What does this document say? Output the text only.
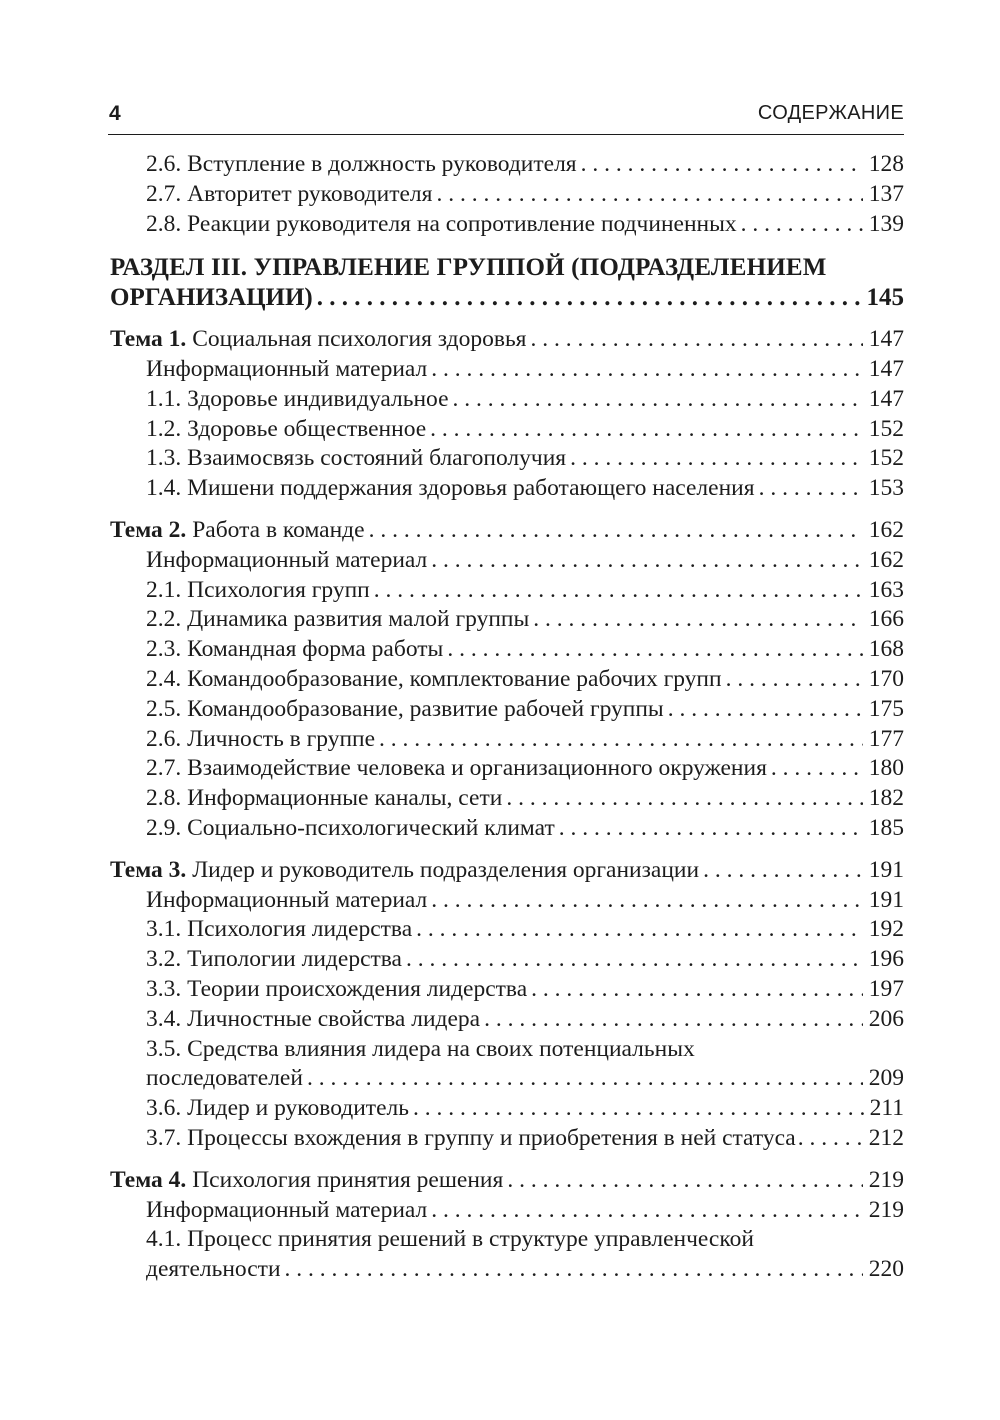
4	СОДЕРЖАНИЕ
2.6. Вступление в должность руководителя . . .	128
2.7. Авторитет руководителя . . .	137
2.8. Реакции руководителя на сопротивление подчиненных . . .	139
РАЗДЕЛ III. УПРАВЛЕНИЕ ГРУППОЙ (ПОДРАЗДЕЛЕНИЕМ
ОРГАНИЗАЦИИ) . . .	145
Тема 1. Социальная психология здоровья . . .	147
Информационный материал . . .	147
1.1. Здоровье индивидуальное . . .	147
1.2. Здоровье общественное . . .	152
1.3. Взаимосвязь состояний благополучия . . .	152
1.4. Мишени поддержания здоровья работающего населения . . .	153
Тема 2. Работа в команде . . .	162
Информационный материал . . .	162
2.1. Психология групп . . .	163
2.2. Динамика развития малой группы . . .	166
2.3. Командная форма работы . . .	168
2.4. Командообразование, комплектование рабочих групп . . .	170
2.5. Командообразование, развитие рабочей группы . . .	175
2.6. Личность в группе . . .	177
2.7. Взаимодействие человека и организационного окружения . . .	180
2.8. Информационные каналы, сети . . .	182
2.9. Социально-психологический климат . . .	185
Тема 3. Лидер и руководитель подразделения организации . . .	191
Информационный материал . . .	191
3.1. Психология лидерства . . .	192
3.2. Типологии лидерства . . .	196
3.3. Теории происхождения лидерства . . .	197
3.4. Личностные свойства лидера . . .	206
3.5. Средства влияния лидера на своих потенциальных
последователей . . .	209
3.6. Лидер и руководитель . . .	211
3.7. Процессы вхождения в группу и приобретения в ней статуса . . .	212
Тема 4. Психология принятия решения . . .	219
Информационный материал . . .	219
4.1. Процесс принятия решений в структуре управленческой
деятельности . . .	220
